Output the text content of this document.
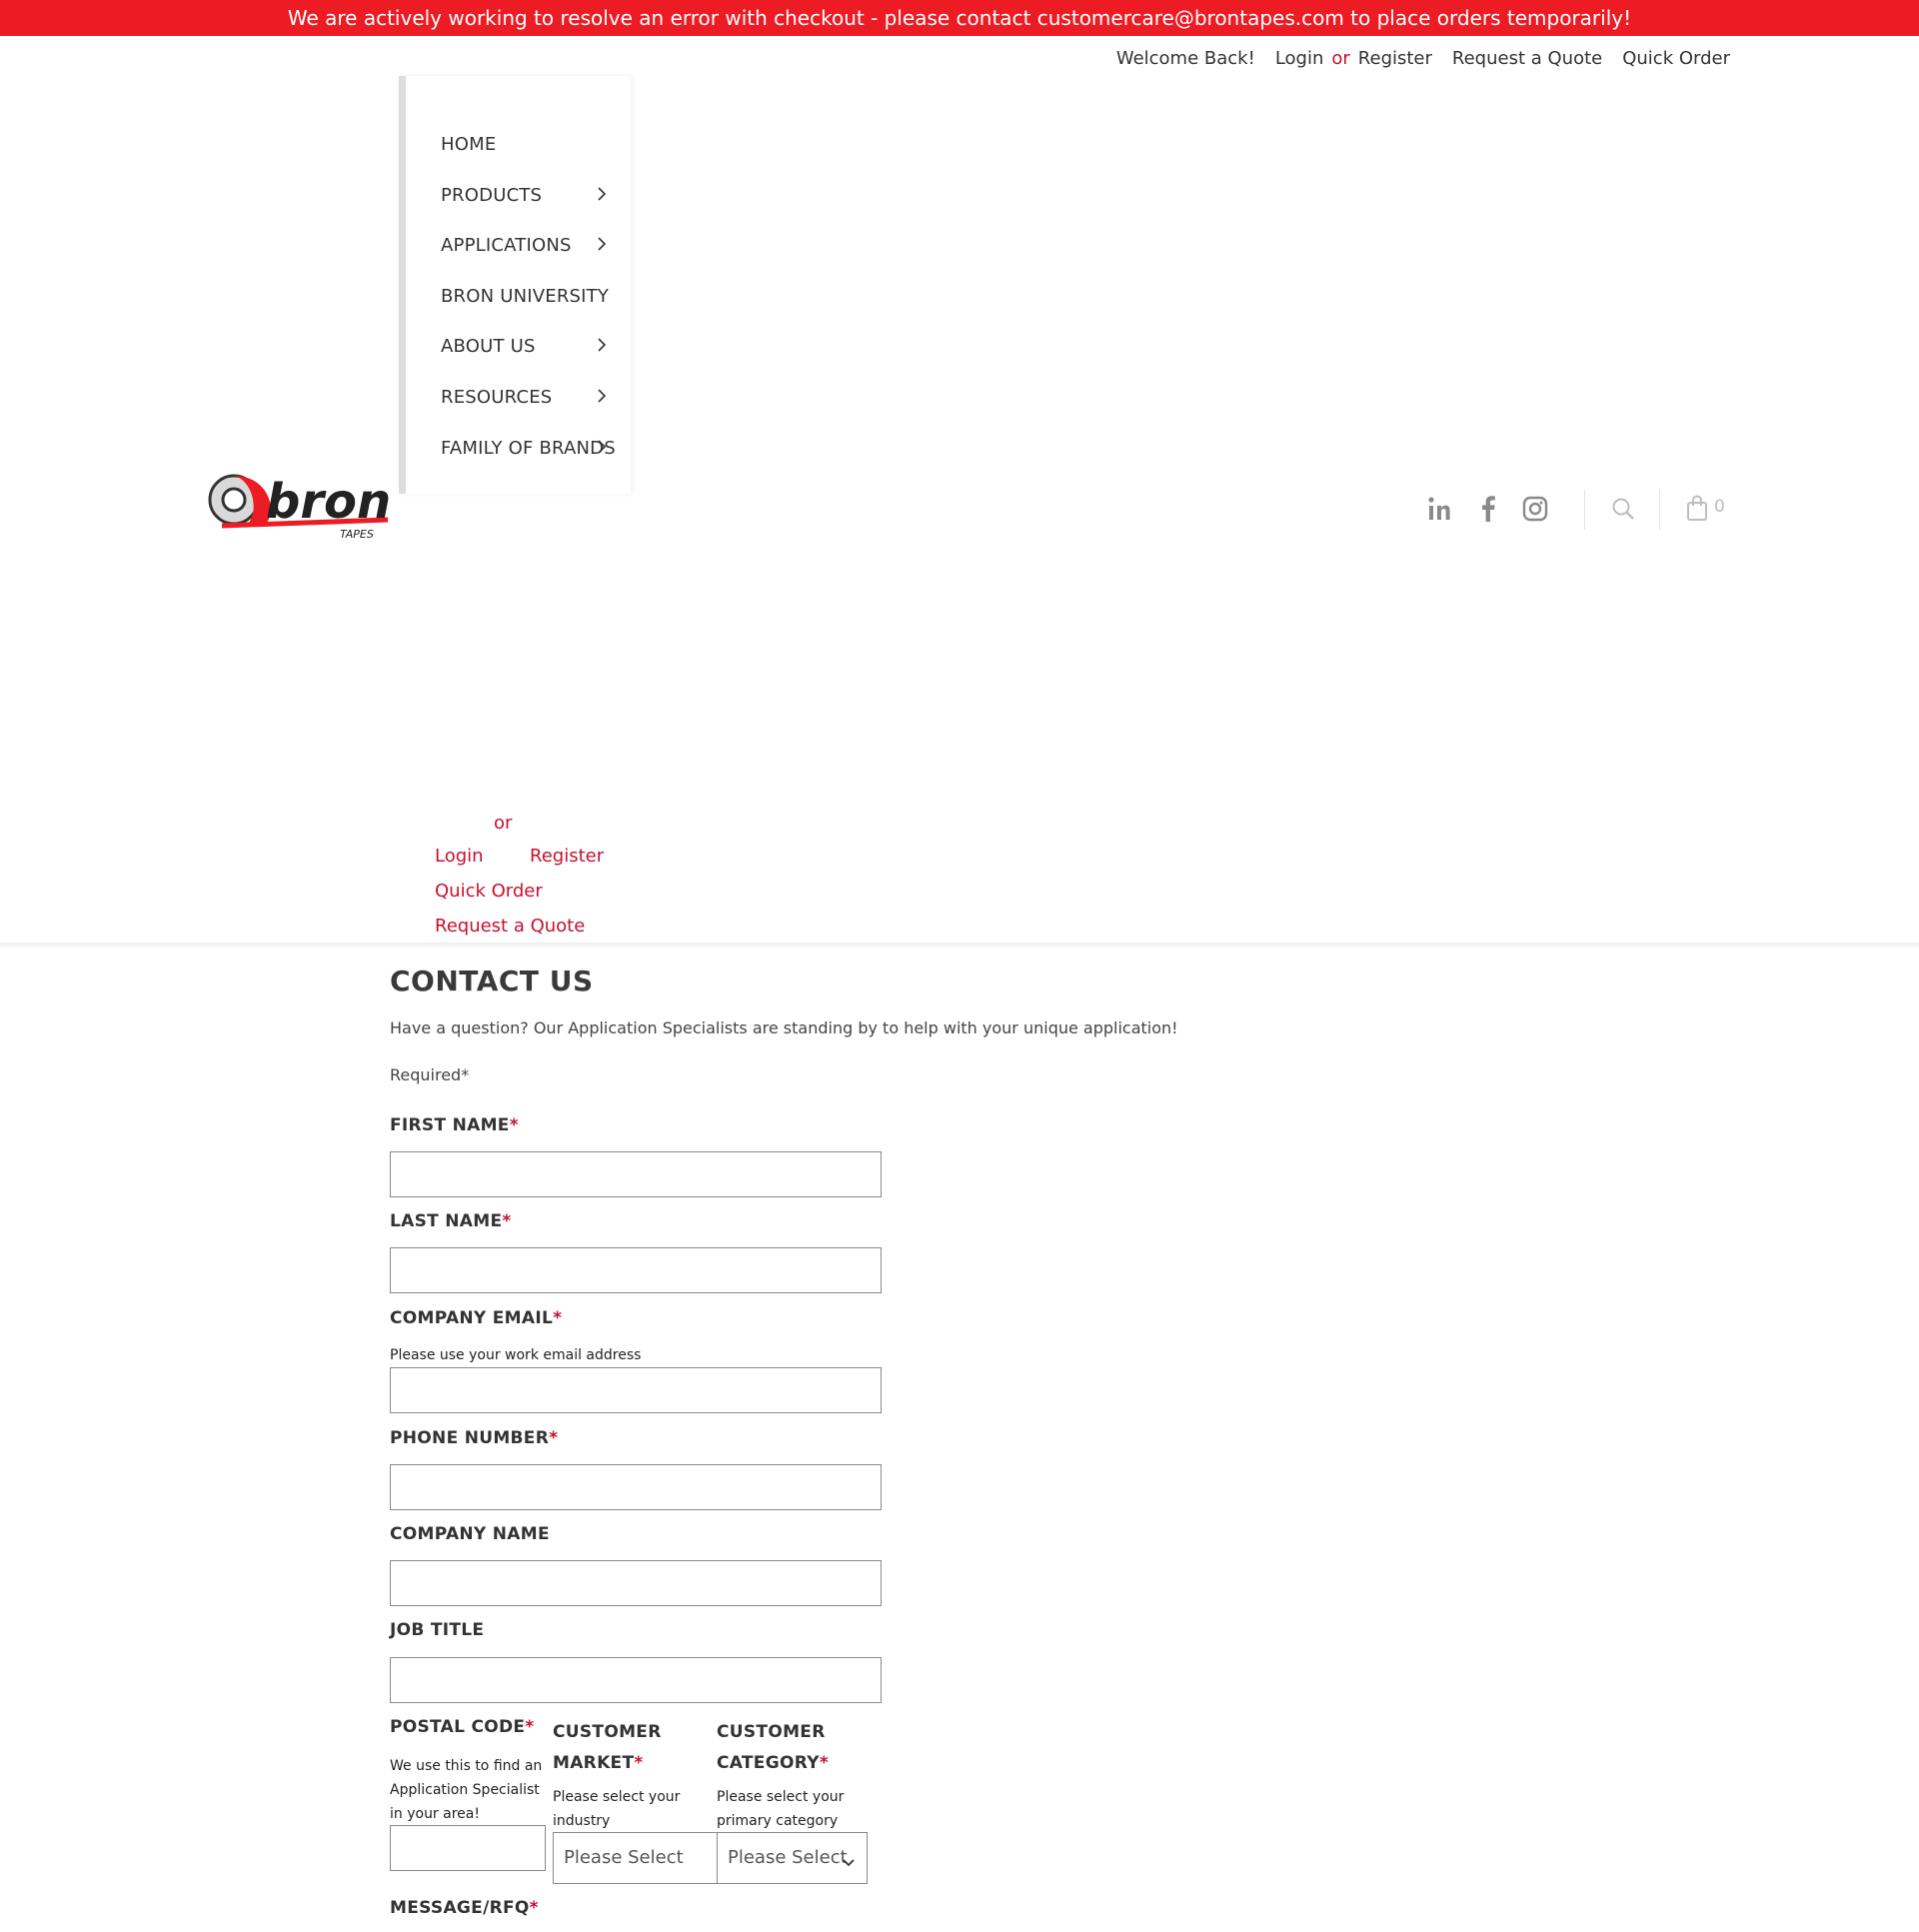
We are actively working to resolve an error with checkout - please contact customercare@brontapes.com to place orders temporarily!
Welcome Back! Login or Register Request a Quote Quick Order
HOME
PRODUCTS
APPLICATIONS
BRON UNIVERSITY
ABOUT US
RESOURCES
FAMILY OF BRANDS
bron
TAPES
0
or
Login	Register
Quick Order
Request a Quote
CONTACT US

Have a question? Our Application Specialists are standing by to help with your unique application!

Required*

FIRST NAME*
LAST NAME*
COMPANY EMAIL*
Please use your work email address
PHONE NUMBER*
COMPANY NAME
JOB TITLE
POSTAL CODE*
We use this to find an Application Specialist in your area!
CUSTOMER
MARKET*
Please select your industry
Please Select
CUSTOMER
CATEGORY*
Please select your primary category
Please Select
MESSAGE/RFQ*
